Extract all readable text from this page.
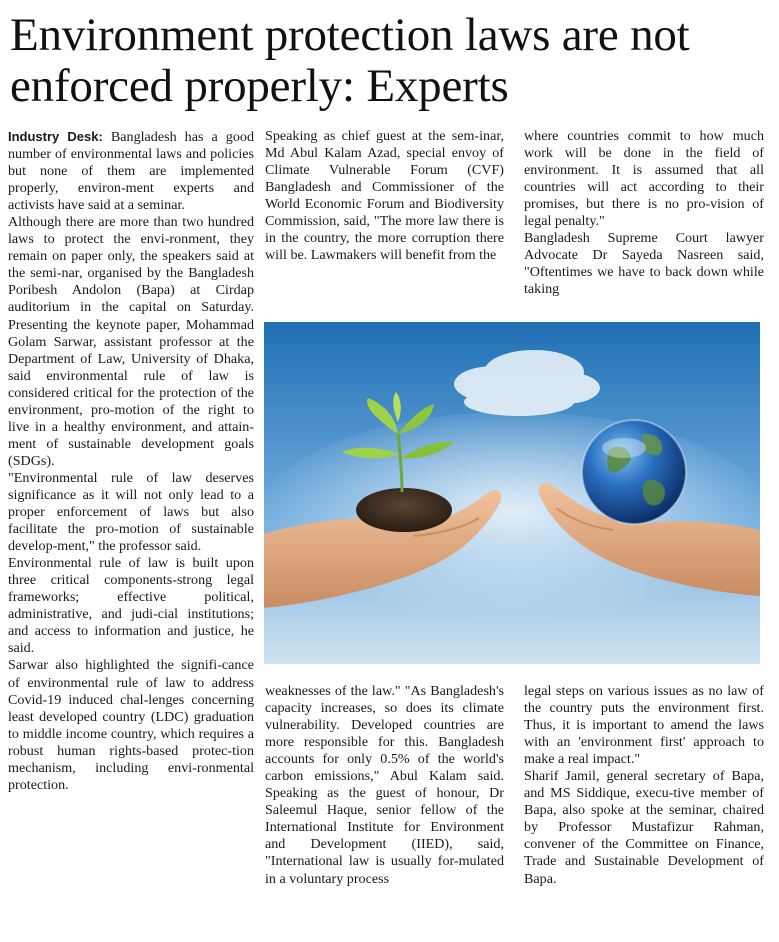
Environment protection laws are not enforced properly: Experts

Industry Desk: Bangladesh has a good number of environmental laws and policies but none of them are implemented properly, environ-ment experts and activists have said at a seminar.

Although there are more than two hundred laws to protect the envi-ronment, they remain on paper only, the speakers said at the semi-nar, organised by the Bangladesh Poribesh Andolon (Bapa) at Cirdap auditorium in the capital on Saturday. Presenting the keynote paper, Mohammad Golam Sarwar, assistant professor at the Department of Law, University of Dhaka, said environmental rule of law is considered critical for the protection of the environment, pro-motion of the right to live in a healthy environment, and attain-ment of sustainable development goals (SDGs).

"Environmental rule of law deserves significance as it will not only lead to a proper enforcement of laws but also facilitate the pro-motion of sustainable develop-ment," the professor said.

Environmental rule of law is built upon three critical components-strong legal frameworks; effective political, administrative, and judi-cial institutions; and access to information and justice, he said.

Sarwar also highlighted the signifi-cance of environmental rule of law to address Covid-19 induced chal-lenges concerning least developed country (LDC) graduation to middle income country, which requires a robust human rights-based protec-tion mechanism, including envi-ronmental protection.

Speaking as chief guest at the sem-inar, Md Abul Kalam Azad, special envoy of Climate Vulnerable Forum (CVF) Bangladesh and Commissioner of the World Economic Forum and Biodiversity Commission, said, "The more law there is in the country, the more corruption there will be. Lawmakers will benefit from the

where countries commit to how much work will be done in the field of environment. It is assumed that all countries will act according to their promises, but there is no pro-vision of legal penalty."

Bangladesh Supreme Court lawyer Advocate Dr Sayeda Nasreen said, "Oftentimes we have to back down while taking

weaknesses of the law." "As Bangladesh's capacity increases, so does its climate vulnerability. Developed countries are more responsible for this. Bangladesh accounts for only 0.5% of the world's carbon emissions," Abul Kalam said. Speaking as the guest of honour, Dr Saleemul Haque, senior fellow of the International Institute for Environment and Development (IIED), said, "International law is usually for-mulated in a voluntary process

legal steps on various issues as no law of the country puts the environment first. Thus, it is important to amend the laws with an 'environment first' approach to make a real impact."

Sharif Jamil, general secretary of Bapa, and MS Siddique, execu-tive member of Bapa, also spoke at the seminar, chaired by Professor Mustafizur Rahman, convener of the Committee on Finance, Trade and Sustainable Development of Bapa.
